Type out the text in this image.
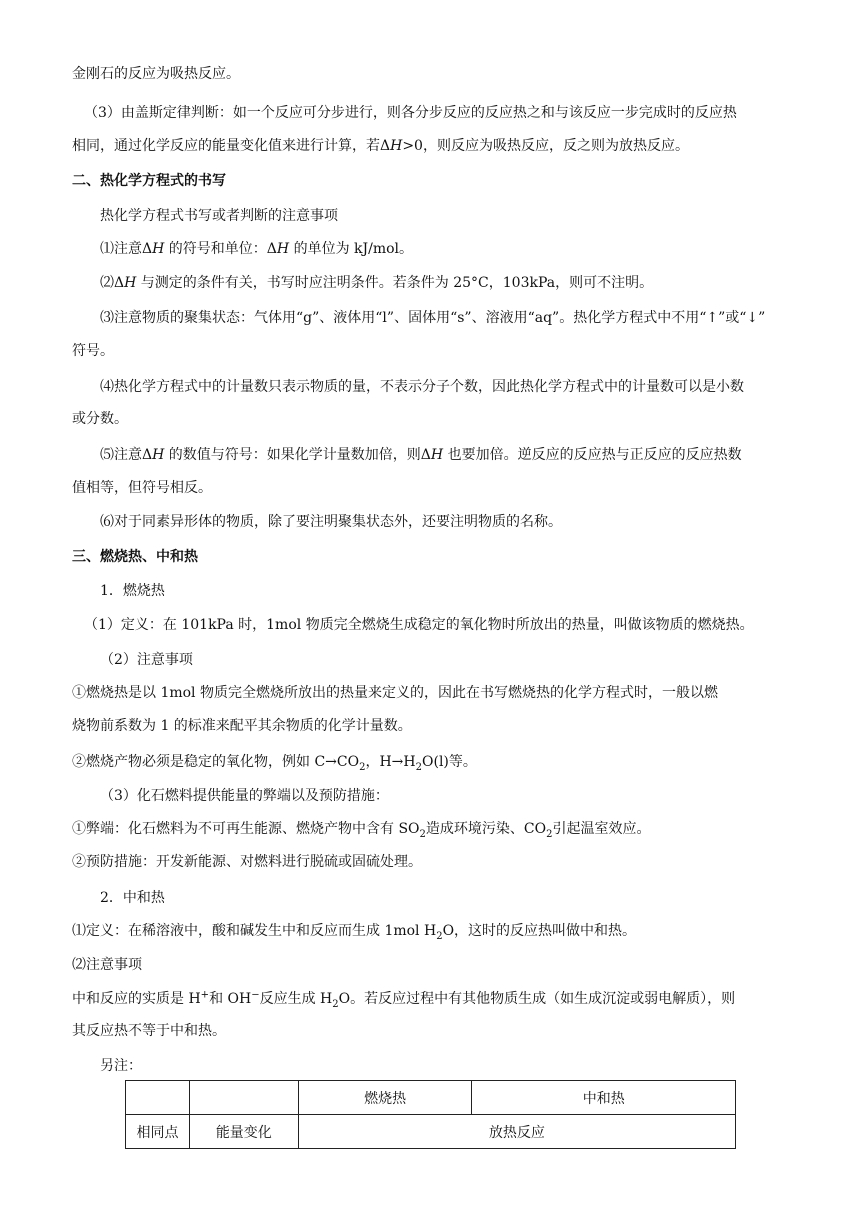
金刚石的反应为吸热反应。
（3）由盖斯定律判断：如一个反应可分步进行，则各分步反应的反应热之和与该反应一步完成时的反应热
相同，通过化学反应的能量变化值来进行计算，若ΔH>0，则反应为吸热反应，反之则为放热反应。
二、热化学方程式的书写
热化学方程式书写或者判断的注意事项
⑴注意ΔH 的符号和单位：ΔH 的单位为 kJ/mol。
⑵ΔH 与测定的条件有关，书写时应注明条件。若条件为 25°C，103kPa，则可不注明。
⑶注意物质的聚集状态：气体用“g”、液体用“l”、固体用“s”、溶液用“aq”。热化学方程式中不用“↑”或“↓”
符号。
⑷热化学方程式中的计量数只表示物质的量，不表示分子个数，因此热化学方程式中的计量数可以是小数
或分数。
⑸注意ΔH 的数值与符号：如果化学计量数加倍，则ΔH 也要加倍。逆反应的反应热与正反应的反应热数
值相等，但符号相反。
⑹对于同素异形体的物质，除了要注明聚集状态外，还要注明物质的名称。
三、燃烧热、中和热
1．燃烧热
（1）定义：在 101kPa 时，1mol 物质完全燃烧生成稳定的氧化物时所放出的热量，叫做该物质的燃烧热。
（2）注意事项
①燃烧热是以 1mol 物质完全燃烧所放出的热量来定义的，因此在书写燃烧热的化学方程式时，一般以燃
烧物前系数为 1 的标准来配平其余物质的化学计量数。
②燃烧产物必须是稳定的氧化物，例如 $C\to CO_2$，$H\to H_2O(l)$等。
（3）化石燃料提供能量的弊端以及预防措施：
①弊端：化石燃料为不可再生能源、燃烧产物中含有 $SO_2$造成环境污染、$CO_2$引起温室效应。
②预防措施：开发新能源、对燃料进行脱硫或固硫处理。
2．中和热
⑴定义：在稀溶液中，酸和碱发生中和反应而生成 1mol $H_2O$，这时的反应热叫做中和热。
⑵注意事项
中和反应的实质是 H+和 OH−反应生成 $H_2O$。若反应过程中有其他物质生成（如生成沉淀或弱电解质），则
其反应热不等于中和热。
另注：
		燃烧热	中和热
相同点	能量变化	放热反应	
